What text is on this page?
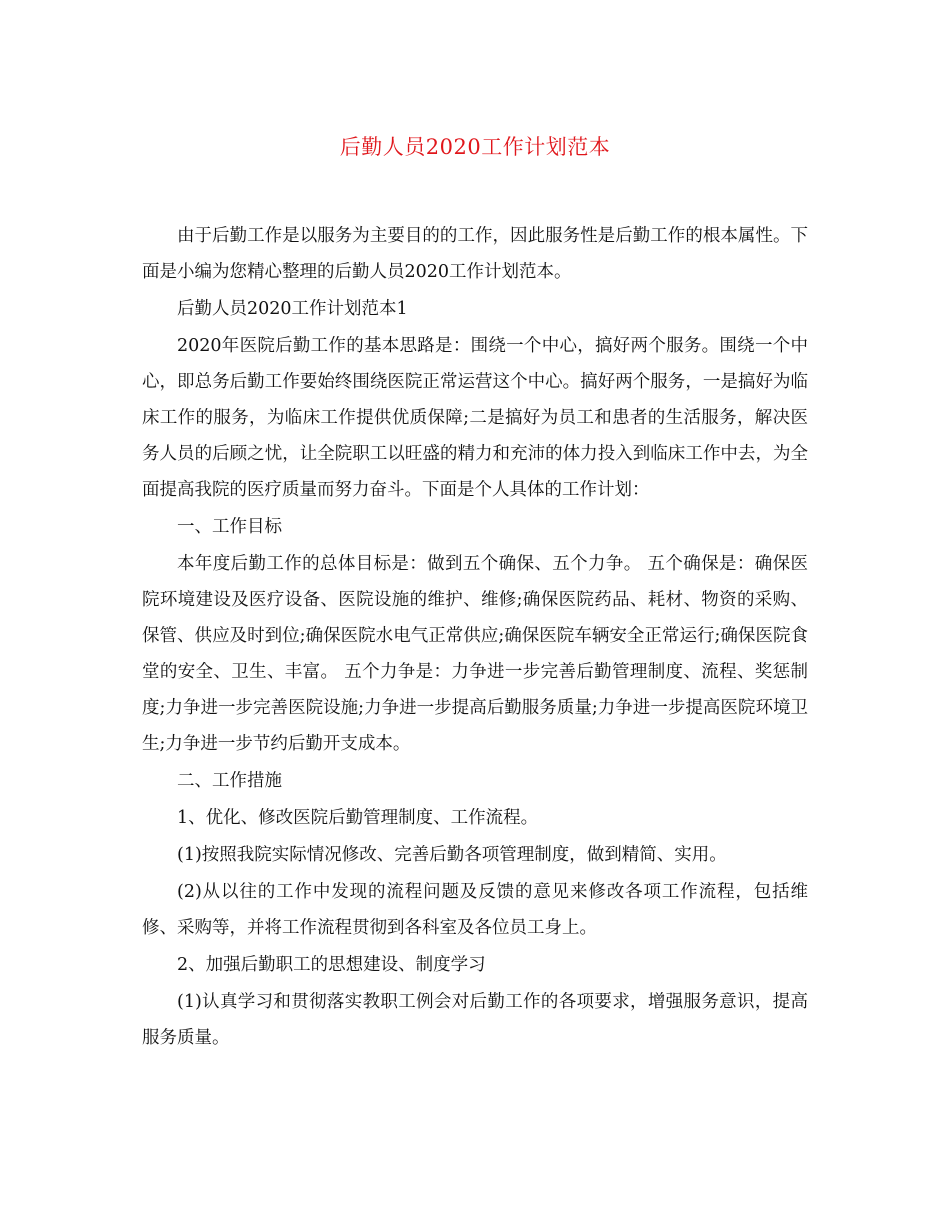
后勤人员2020工作计划范本

由于后勤工作是以服务为主要目的的工作，因此服务性是后勤工作的根本属性。下面是小编为您精心整理的后勤人员2020工作计划范本。

后勤人员2020工作计划范本1

2020年医院后勤工作的基本思路是：围绕一个中心，搞好两个服务。围绕一个中心，即总务后勤工作要始终围绕医院正常运营这个中心。搞好两个服务，一是搞好为临床工作的服务，为临床工作提供优质保障;二是搞好为员工和患者的生活服务，解决医务人员的后顾之忧，让全院职工以旺盛的精力和充沛的体力投入到临床工作中去，为全面提高我院的医疗质量而努力奋斗。下面是个人具体的工作计划：

一、工作目标

本年度后勤工作的总体目标是：做到五个确保、五个力争。 五个确保是：确保医院环境建设及医疗设备、医院设施的维护、维修;确保医院药品、耗材、物资的采购、保管、供应及时到位;确保医院水电气正常供应;确保医院车辆安全正常运行;确保医院食堂的安全、卫生、丰富。 五个力争是：力争进一步完善后勤管理制度、流程、奖惩制度;力争进一步完善医院设施;力争进一步提高后勤服务质量;力争进一步提高医院环境卫生;力争进一步节约后勤开支成本。

二、工作措施

1、优化、修改医院后勤管理制度、工作流程。

(1)按照我院实际情况修改、完善后勤各项管理制度，做到精简、实用。

(2)从以往的工作中发现的流程问题及反馈的意见来修改各项工作流程，包括维修、采购等，并将工作流程贯彻到各科室及各位员工身上。

2、加强后勤职工的思想建设、制度学习

(1)认真学习和贯彻落实教职工例会对后勤工作的各项要求，增强服务意识，提高服务质量。
